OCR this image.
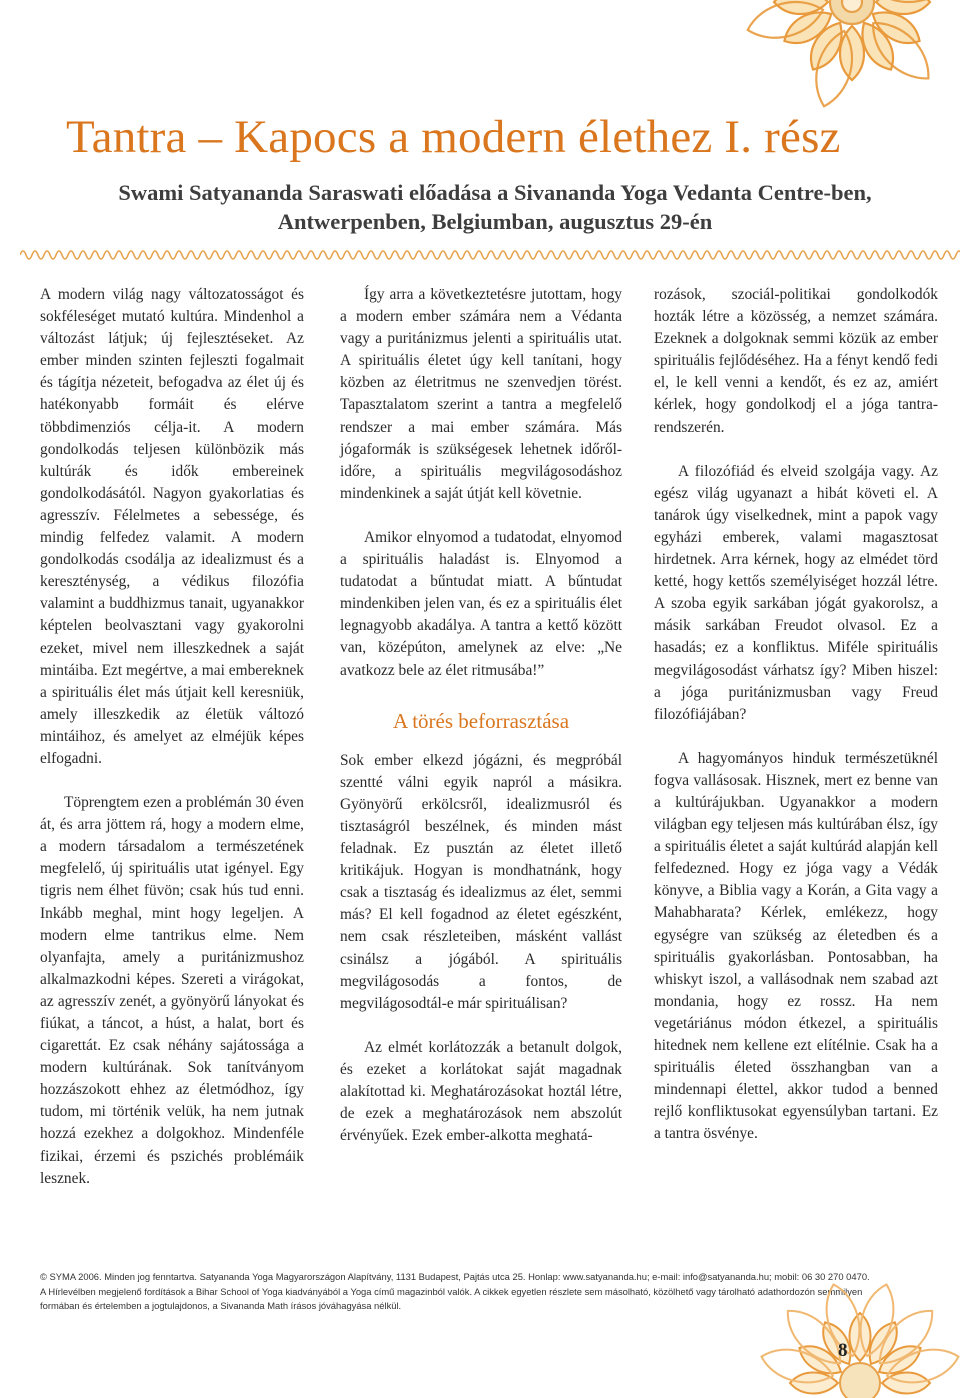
Tantra – Kapocs a modern élethez I. rész
Swami Satyananda Saraswati előadása a Sivananda Yoga Vedanta Centre-ben,
Antwerpenben, Belgiumban, augusztus 29-én

A modern világ nagy változatosságot és sokféleséget mutató kultúra. Mindenhol a változást látjuk; új fejlesztéseket. Az ember minden szinten fejleszti fogalmait és tágítja nézeteit, befogadva az élet új és hatékonyabb formáit és elérve többdimenziós célja-it. A modern gondolkodás teljesen különbözik más kultúrák és idők embereinek gondolkodásától. Nagyon gyakorlatias és agresszív. Félelmetes a sebessége, és mindig felfedez valamit. A modern gondolkodás csodálja az idealizmust és a kereszténység, a védikus filozófia valamint a buddhizmus tanait, ugyanakkor képtelen beolvasztani vagy gyakorolni ezeket, mivel nem illeszkednek a saját mintáiba. Ezt megértve, a mai embereknek a spirituális élet más útjait kell keresniük, amely illeszkedik az életük változó mintáihoz, és amelyet az elméjük képes elfogadni.

Töprengtem ezen a problémán 30 éven át, és arra jöttem rá, hogy a modern elme, a modern társadalom a természetének megfelelő, új spirituális utat igényel. Egy tigris nem élhet füvön; csak hús tud enni. Inkább meghal, mint hogy legeljen. A modern elme tantrikus elme. Nem olyanfajta, amely a puritánizmushoz alkalmazkodni képes. Szereti a virágokat, az agresszív zenét, a gyönyörű lányokat és fiúkat, a táncot, a húst, a halat, bort és cigarettát. Ez csak néhány sajátossága a modern kultúrának. Sok tanítványom hozzászokott ehhez az életmódhoz, így tudom, mi történik velük, ha nem jutnak hozzá ezekhez a dolgokhoz. Mindenféle fizikai, érzemi és pszichés problémáik lesznek.

Így arra a következtetésre jutottam, hogy a modern ember számára nem a Védanta vagy a puritánizmus jelenti a spirituális utat. A spirituális életet úgy kell tanítani, hogy közben az életritmus ne szenvedjen törést. Tapasztalatom szerint a tantra a megfelelő rendszer a mai ember számára. Más jógaformák is szükségesek lehetnek időről-időre, a spirituális megvilágosodáshoz mindenkinek a saját útját kell követnie.

Amikor elnyomod a tudatodat, elnyomod a spirituális haladást is. Elnyomod a tudatodat a bűntudat miatt. A bűntudat mindenkiben jelen van, és ez a spirituális élet legnagyobb akadálya. A tantra a kettő között van, középúton, amelynek az elve: „Ne avatkozz bele az élet ritmusába!”

A törés beforrasztása

Sok ember elkezd jógázni, és megpróbál szentté válni egyik napról a másikra. Gyönyörű erkölcsről, idealizmusról és tisztaságról beszélnek, és minden mást feladnak. Ez pusztán az életet illető kritikájuk. Hogyan is mondhatnánk, hogy csak a tisztaság és idealizmus az élet, semmi más? El kell fogadnod az életet egészként, nem csak részleteiben, másként vallást csinálsz a jógából. A spirituális megvilágosodás a fontos, de megvilágosodtál-e már spirituálisan?

Az elmét korlátozzák a betanult dolgok, és ezeket a korlátokat saját magadnak alakítottad ki. Meghatározásokat hoztál létre, de ezek a meghatározások nem abszolút érvényűek. Ezek ember-alkotta meghatá-

rozások, szociál-politikai gondolkodók hozták létre a közösség, a nemzet számára. Ezeknek a dolgoknak semmi közük az ember spirituális fejlődéséhez. Ha a fényt kendő fedi el, le kell venni a kendőt, és ez az, amiért kérlek, hogy gondolkodj el a jóga tantra-rendszerén.

A filozófiád és elveid szolgája vagy. Az egész világ ugyanazt a hibát követi el. A tanárok úgy viselkednek, mint a papok vagy egyházi emberek, valami magasztosat hirdetnek. Arra kérnek, hogy az elmédet törd ketté, hogy kettős személyiséget hozzál létre. A szoba egyik sarkában jógát gyakorolsz, a másik sarkában Freudot olvasol. Ez a hasadás; ez a konfliktus. Miféle spirituális megvilágosodást várhatsz így? Miben hiszel: a jóga puritánizmusban vagy Freud filozófiájában?

A hagyományos hinduk természetüknél fogva vallásosak. Hisznek, mert ez benne van a kultúrájukban. Ugyanakkor a modern világban egy teljesen más kultúrában élsz, így a spirituális életet a saját kultúrád alapján kell felfedezned. Hogy ez jóga vagy a Védák könyve, a Biblia vagy a Korán, a Gita vagy a Mahabharata? Kérlek, emlékezz, hogy egységre van szükség az életedben és a spirituális gyakorlásban. Pontosabban, ha whiskyt iszol, a vallásodnak nem szabad azt mondania, hogy ez rossz. Ha nem vegetáriánus módon étkezel, a spirituális hitednek nem kellene ezt elítélnie. Csak ha a spirituális életed összhangban van a mindennapi élettel, akkor tudod a benned rejlő konfliktusokat egyensúlyban tartani. Ez a tantra ösvénye.

© SYMA 2006. Minden jog fenntartva. Satyananda Yoga Magyarországon Alapítvány, 1131 Budapest, Pajtás utca 25. Honlap: www.satyananda.hu; e-mail: info@satyananda.hu; mobil: 06 30 270 0470.
A Hírlevélben megjelenő fordítások a Bihar School of Yoga kiadványából a Yoga című magazinból valók. A cikkek egyetlen részlete sem másolható, közölhető vagy tárolható adathordozón semmilyen
formában és értelemben a jogtulajdonos, a Sivananda Math írásos jóváhagyása nélkül.
8
